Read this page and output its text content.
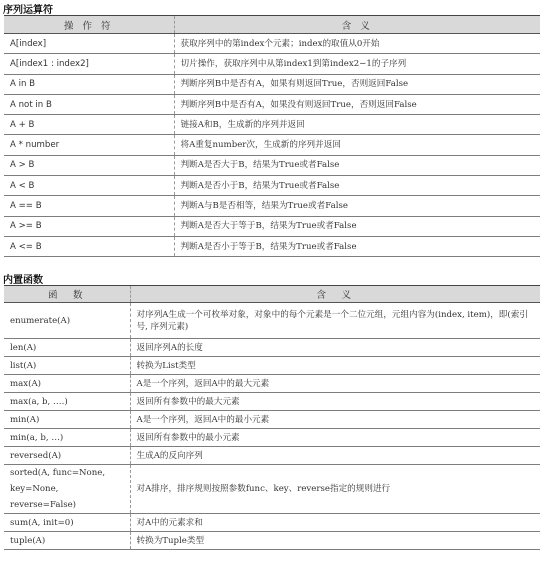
序列运算符
操 作 符	含 义
A[index]	获取序列中的第index个元素；index的取值从0开始
A[index1 : index2]	切片操作，获取序列中从第index1到第index2−1的子序列
A in B	判断序列B中是否有A，如果有则返回True，否则返回False
A not in B	判断序列B中是否有A，如果没有则返回True，否则返回False
A + B	链接A和B，生成新的序列并返回
A * number	将A重复number次，生成新的序列并返回
A > B	判断A是否大于B，结果为True或者False
A < B	判断A是否小于B，结果为True或者False
A == B	判断A与B是否相等，结果为True或者False
A >= B	判断A是否大于等于B，结果为True或者False
A <= B	判断A是否小于等于B，结果为True或者False
内置函数
函　数	含　义
enumerate(A)	对序列A生成一个可枚举对象，对象中的每个元素是一个二位元组，元组内容为(index, item)，即(索引号, 序列元素)
len(A)	返回序列A的长度
list(A)	转换为List类型
max(A)	A是一个序列，返回A中的最大元素
max(a, b, ….)	返回所有参数中的最大元素
min(A)	A是一个序列，返回A中的最小元素
min(a, b, …)	返回所有参数中的最小元素
reversed(A)	生成A的反向序列
sorted(A, func=None, key=None, reverse=False)	对A排序，排序规则按照参数func、key、reverse指定的规则进行
sum(A, init=0)	对A中的元素求和
tuple(A)	转换为Tuple类型
